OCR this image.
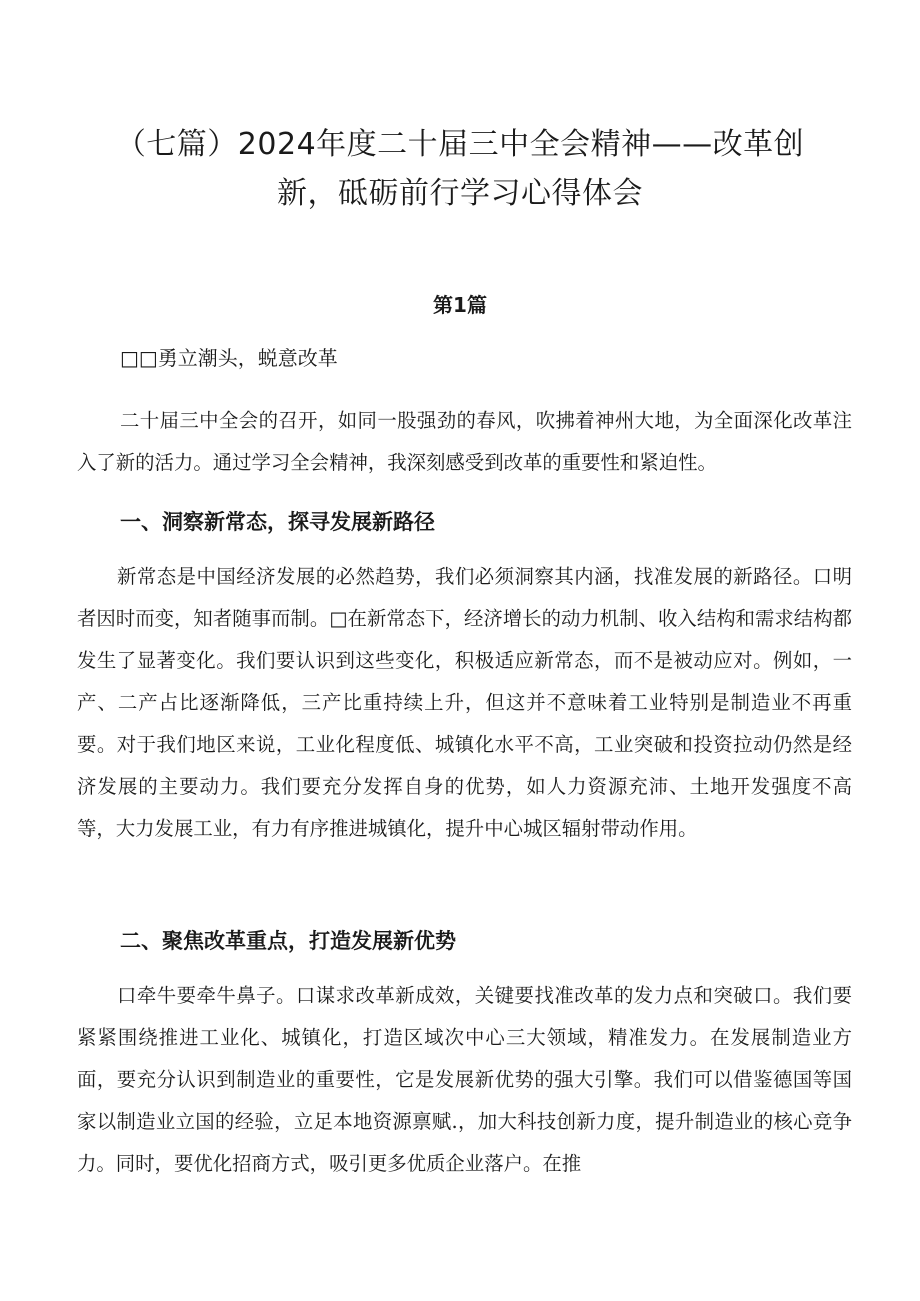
（七篇）2024年度二十届三中全会精神——改革创
新，砥砺前行学习心得体会
第1篇

□□勇立潮头，蜕意改革

二十届三中全会的召开，如同一股强劲的春风，吹拂着神州大地，为全面深化改革注入了新的活力。通过学习全会精神，我深刻感受到改革的重要性和紧迫性。

一、洞察新常态，探寻发展新路径

新常态是中国经济发展的必然趋势，我们必须洞察其内涵，找准发展的新路径。口明者因时而变，知者随事而制。□在新常态下，经济增长的动力机制、收入结构和需求结构都发生了显著变化。我们要认识到这些变化，积极适应新常态，而不是被动应对。例如，一产、二产占比逐渐降低，三产比重持续上升，但这并不意味着工业特别是制造业不再重要。对于我们地区来说，工业化程度低、城镇化水平不高，工业突破和投资拉动仍然是经济发展的主要动力。我们要充分发挥自身的优势，如人力资源充沛、土地开发强度不高等，大力发展工业，有力有序推进城镇化，提升中心城区辐射带动作用。

二、聚焦改革重点，打造发展新优势

口牵牛要牵牛鼻子。口谋求改革新成效，关键要找准改革的发力点和突破口。我们要紧紧围绕推进工业化、城镇化，打造区域次中心三大领域，精准发力。在发展制造业方面，要充分认识到制造业的重要性，它是发展新优势的强大引擎。我们可以借鉴德国等国家以制造业立国的经验，立足本地资源禀赋.，加大科技创新力度，提升制造业的核心竞争力。同时，要优化招商方式，吸引更多优质企业落户。在推
